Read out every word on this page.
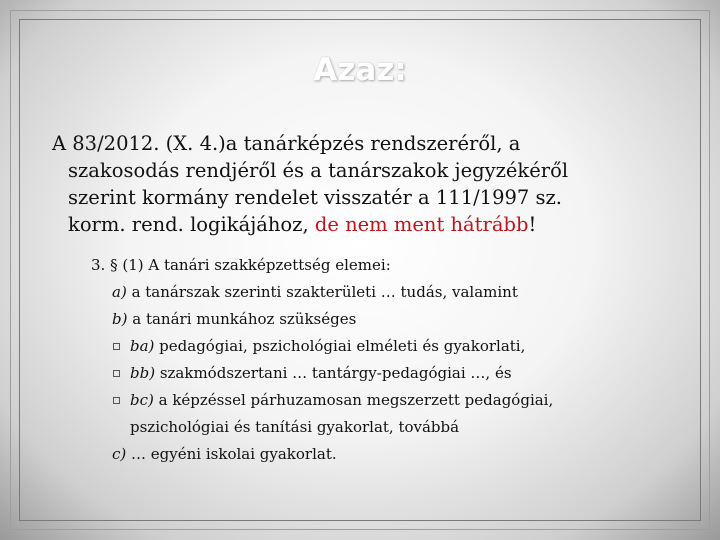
Azaz:
A 83/2012. (X. 4.)a tanárképzés rendszeréről, a
szakosodás rendjéről és a tanárszakok jegyzékéről
szerint kormány rendelet visszatér a 111/1997 sz.
korm. rend. logikájához, de nem ment hátrább!
3. § (1) A tanári szakképzettség elemei:
a) a tanárszak szerinti szakterületi … tudás, valamint
b) a tanári munkához szükséges
ba) pedagógiai, pszichológiai elméleti és gyakorlati,
bb) szakmódszertani … tantárgy-pedagógiai …, és
bc) a képzéssel párhuzamosan megszerzett pedagógiai,
pszichológiai és tanítási gyakorlat, továbbá
c) … egyéni iskolai gyakorlat.
